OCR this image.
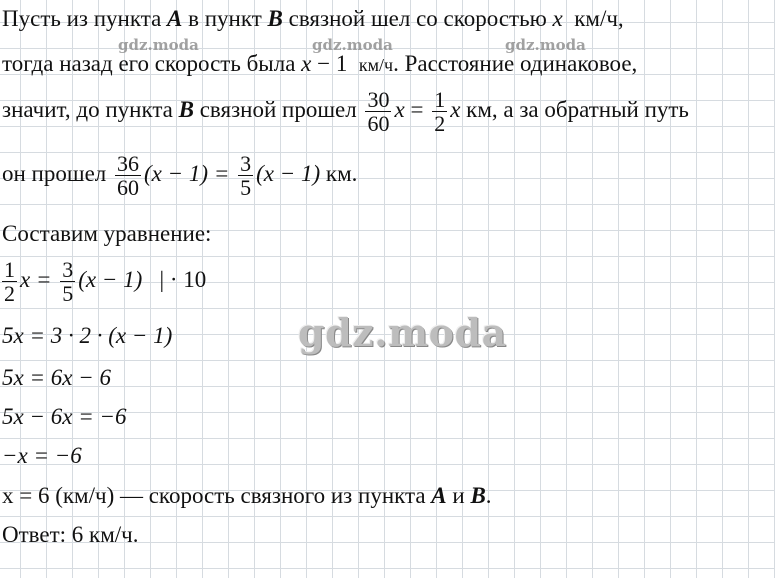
gdz.moda	gdz.moda	gdz.moda
Пусть из пункта A в пункт B связной шел со скоростью x км/ч,
тогда назад его скорость была x − 1  км/ч. Расстояние одинаковое,
значит, до пункта B связной прошел $\frac{30}{60}$ $x = \frac{1}{2}$ x км, а за обратный путь
он прошел $\frac{36}{60} (x - 1) = \frac{3}{5} (x - 1)$ км.
Составим уравнение:
$\frac{1}{2}$ $x = \frac{3}{5} (x - 1)$   | · 10
5x = 3 · 2 · (x − 1)
5x = 6x − 6
5x − 6x = −6
−x = −6
x = 6 (км/ч) — скорость связного из пункта A и B.
Ответ: 6 км/ч.
gdz.moda
